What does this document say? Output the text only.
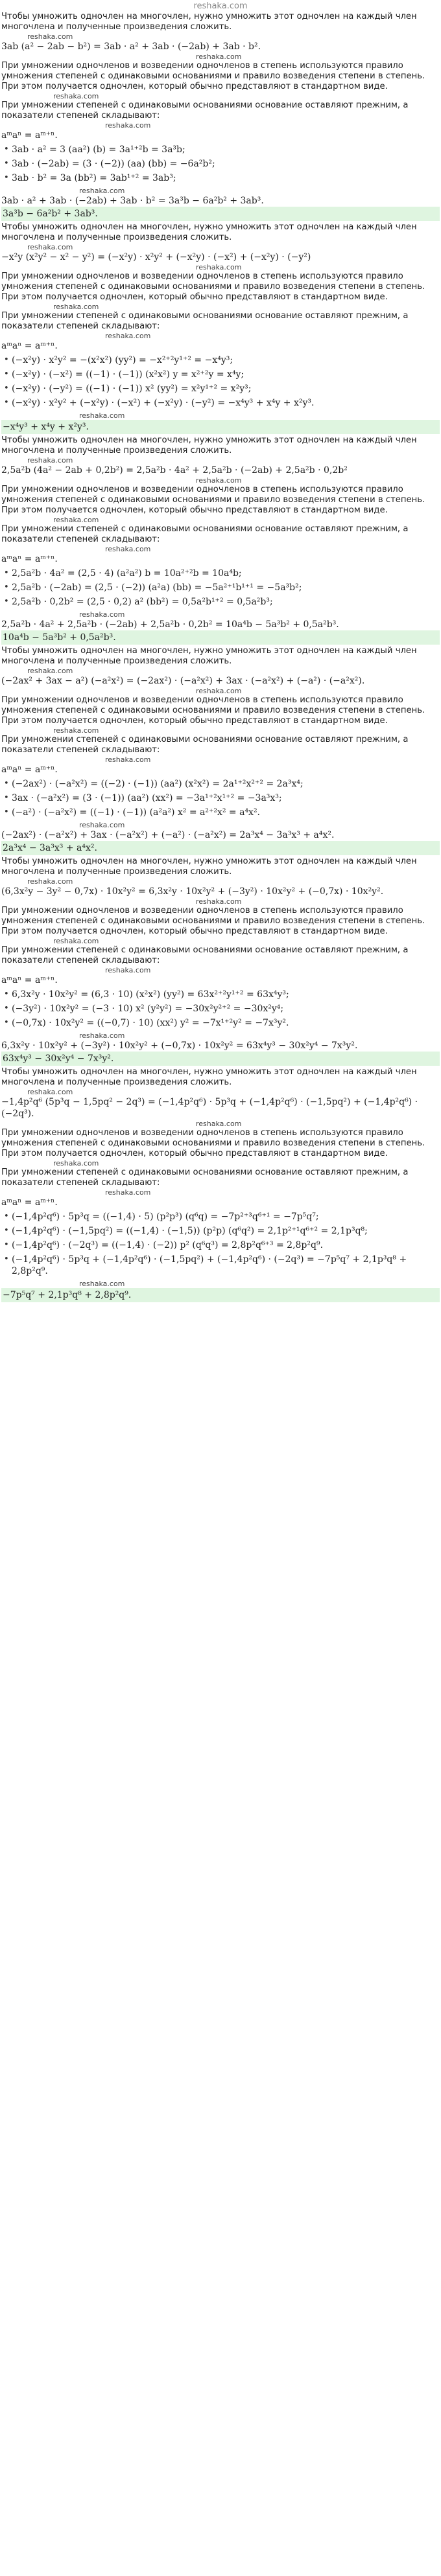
reshaka.com

Чтобы умножить одночлен на многочлен, нужно умножить этот одночлен на каждый член многочлена и полученные произведения сложить.

reshaka.com

3ab (a² − 2ab − b²) = 3ab · a² + 3ab · (−2ab) + 3ab · b².

reshaka.com

При умножении одночленов и возведении одночленов в степень используются правило умножения степеней с одинаковыми основаниями и правило возведения степени в степень. При этом получается одночлен, который обычно представляют в стандартном виде.

reshaka.com

При умножении степеней с одинаковыми основаниями основание оставляют прежним, а показатели степеней складывают:

reshaka.com

aᵐaⁿ = aᵐ⁺ⁿ.

• 3ab · a² = 3 (aa²) (b) = 3a¹⁺²b = 3a³b;
• 3ab · (−2ab) = (3 · (−2)) (aa) (bb) = −6a²b²;
• 3ab · b² = 3a (bb²) = 3ab¹⁺² = 3ab³;
reshaka.com

3ab · a² + 3ab · (−2ab) + 3ab · b² = 3a³b − 6a²b² + 3ab³.

3a³b − 6a²b² + 3ab³.

Чтобы умножить одночлен на многочлен, нужно умножить этот одночлен на каждый член многочлена и полученные произведения сложить.

reshaka.com

−x²y (x²y² − x² − y²) = (−x²y) · x²y² + (−x²y) · (−x²) + (−x²y) · (−y²)

reshaka.com

При умножении одночленов и возведении одночленов в степень используются правило умножения степеней с одинаковыми основаниями и правило возведения степени в степень. При этом получается одночлен, который обычно представляют в стандартном виде.

reshaka.com

При умножении степеней с одинаковыми основаниями основание оставляют прежним, а показатели степеней складывают:

reshaka.com

aᵐaⁿ = aᵐ⁺ⁿ.

• (−x²y) · x²y² = −(x²x²) (yy²) = −x²⁺²y¹⁺² = −x⁴y³;
• (−x²y) · (−x²) = ((−1) · (−1)) (x²x²) y = x²⁺²y = x⁴y;
• (−x²y) · (−y²) = ((−1) · (−1)) x² (yy²) = x²y¹⁺² = x²y³;
• (−x²y) · x²y² + (−x²y) · (−x²) + (−x²y) · (−y²) = −x⁴y³ + x⁴y + x²y³.
reshaka.com
−x⁴y³ + x⁴y + x²y³.

Чтобы умножить одночлен на многочлен, нужно умножить этот одночлен на каждый член многочлена и полученные произведения сложить.

reshaka.com

2,5a²b (4a² − 2ab + 0,2b²) = 2,5a²b · 4a² + 2,5a²b · (−2ab) + 2,5a²b · 0,2b²

reshaka.com

При умножении одночленов и возведении одночленов в степень используются правило умножения степеней с одинаковыми основаниями и правило возведения степени в степень. При этом получается одночлен, который обычно представляют в стандартном виде.

reshaka.com

При умножении степеней с одинаковыми основаниями основание оставляют прежним, а показатели степеней складывают:

reshaka.com

aᵐaⁿ = aᵐ⁺ⁿ.

• 2,5a²b · 4a² = (2,5 · 4) (a²a²) b = 10a²⁺²b = 10a⁴b;
• 2,5a²b · (−2ab) = (2,5 · (−2)) (a²a) (bb) = −5a²⁺¹b¹⁺¹ = −5a³b²;
• 2,5a²b · 0,2b² = (2,5 · 0,2) a² (bb²) = 0,5a²b¹⁺² = 0,5a²b³;
reshaka.com

2,5a²b · 4a² + 2,5a²b · (−2ab) + 2,5a²b · 0,2b² = 10a⁴b − 5a³b² + 0,5a²b³.

10a⁴b − 5a³b² + 0,5a²b³.

Чтобы умножить одночлен на многочлен, нужно умножить этот одночлен на каждый член многочлена и полученные произведения сложить.

reshaka.com

(−2ax² + 3ax − a²) (−a²x²) = (−2ax²) · (−a²x²) + 3ax · (−a²x²) + (−a²) · (−a²x²).

reshaka.com

При умножении одночленов и возведении одночленов в степень используются правило умножения степеней с одинаковыми основаниями и правило возведения степени в степень. При этом получается одночлен, который обычно представляют в стандартном виде.

reshaka.com

При умножении степеней с одинаковыми основаниями основание оставляют прежним, а показатели степеней складывают:

reshaka.com

aᵐaⁿ = aᵐ⁺ⁿ.

• (−2ax²) · (−a²x²) = ((−2) · (−1)) (aa²) (x²x²) = 2a¹⁺²x²⁺² = 2a³x⁴;
• 3ax · (−a²x²) = (3 · (−1)) (aa²) (xx²) = −3a¹⁺²x¹⁺² = −3a³x³;
• (−a²) · (−a²x²) = ((−1) · (−1)) (a²a²) x² = a²⁺²x² = a⁴x².
reshaka.com

(−2ax²) · (−a²x²) + 3ax · (−a²x²) + (−a²) · (−a²x²) = 2a³x⁴ − 3a³x³ + a⁴x².

2a³x⁴ − 3a³x³ + a⁴x².

Чтобы умножить одночлен на многочлен, нужно умножить этот одночлен на каждый член многочлена и полученные произведения сложить.

reshaka.com

(6,3x²y − 3y² − 0,7x) · 10x²y² = 6,3x²y · 10x²y² + (−3y²) · 10x²y² + (−0,7x) · 10x²y².

reshaka.com

При умножении одночленов и возведении одночленов в степень используются правило умножения степеней с одинаковыми основаниями и правило возведения степени в степень. При этом получается одночлен, который обычно представляют в стандартном виде.

reshaka.com

При умножении степеней с одинаковыми основаниями основание оставляют прежним, а показатели степеней складывают:

reshaka.com

aᵐaⁿ = aᵐ⁺ⁿ.

• 6,3x²y · 10x²y² = (6,3 · 10) (x²x²) (yy²) = 63x²⁺²y¹⁺² = 63x⁴y³;
• (−3y²) · 10x²y² = (−3 · 10) x² (y²y²) = −30x²y²⁺² = −30x²y⁴;
• (−0,7x) · 10x²y² = ((−0,7) · 10) (xx²) y² = −7x¹⁺²y² = −7x³y².
reshaka.com

6,3x²y · 10x²y² + (−3y²) · 10x²y² + (−0,7x) · 10x²y² = 63x⁴y³ − 30x²y⁴ − 7x³y².

63x⁴y³ − 30x²y⁴ − 7x³y².

Чтобы умножить одночлен на многочлен, нужно умножить этот одночлен на каждый член многочлена и полученные произведения сложить.

reshaka.com

−1,4p²q⁶ (5p³q − 1,5pq² − 2q³) = (−1,4p²q⁶) · 5p³q + (−1,4p²q⁶) · (−1,5pq²) + (−1,4p²q⁶) · (−2q³).

reshaka.com

При умножении одночленов и возведении одночленов в степень используются правило умножения степеней с одинаковыми основаниями и правило возведения степени в степень. При этом получается одночлен, который обычно представляют в стандартном виде.

reshaka.com

При умножении степеней с одинаковыми основаниями основание оставляют прежним, а показатели степеней складывают:

reshaka.com

aᵐaⁿ = aᵐ⁺ⁿ.

• (−1,4p²q⁶) · 5p³q = ((−1,4) · 5) (p²p³) (q⁶q) = −7p²⁺³q⁶⁺¹ = −7p⁵q⁷;
• (−1,4p²q⁶) · (−1,5pq²) = ((−1,4) · (−1,5)) (p²p) (q⁶q²) = 2,1p²⁺¹q⁶⁺² = 2,1p³q⁸;
• (−1,4p²q⁶) · (−2q³) = ((−1,4) · (−2)) p² (q⁶q³) = 2,8p²q⁶⁺³ = 2,8p²q⁹.
• (−1,4p²q⁶) · 5p³q + (−1,4p²q⁶) · (−1,5pq²) + (−1,4p²q⁶) · (−2q³) = −7p⁵q⁷ + 2,1p³q⁸ + 2,8p²q⁹.
reshaka.com
−7p⁵q⁷ + 2,1p³q⁸ + 2,8p²q⁹.
